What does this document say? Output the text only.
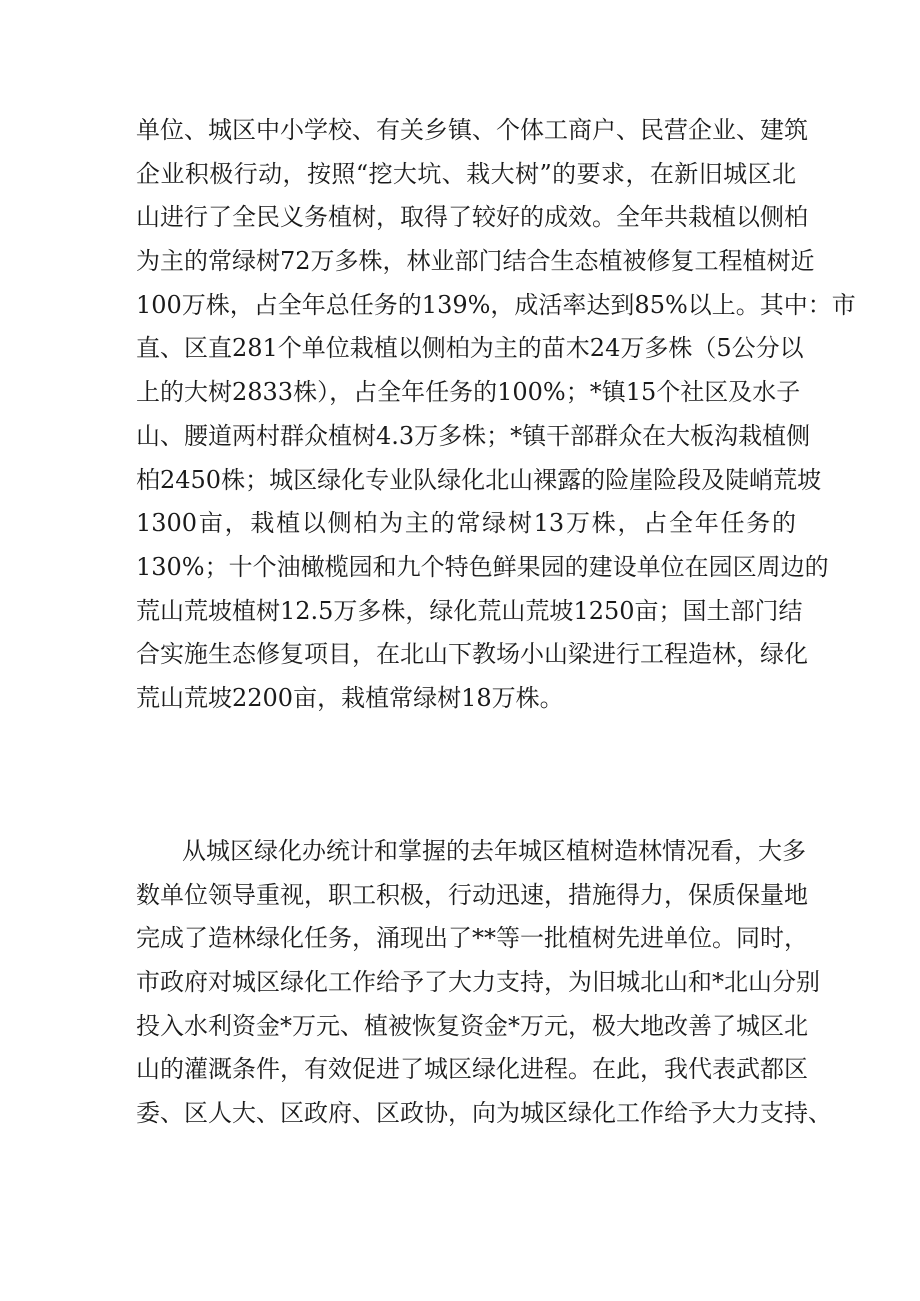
单位、城区中小学校、有关乡镇、个体工商户、民营企业、建筑
企业积极行动，按照“挖大坑、栽大树”的要求，在新旧城区北
山进行了全民义务植树，取得了较好的成效。全年共栽植以侧柏
为主的常绿树72万多株，林业部门结合生态植被修复工程植树近
100万株，占全年总任务的139%，成活率达到85%以上。其中：市
直、区直281个单位栽植以侧柏为主的苗木24万多株（5公分以
上的大树2833株），占全年任务的100%；*镇15个社区及水子
山、腰道两村群众植树4.3万多株；*镇干部群众在大板沟栽植侧
柏2450株；城区绿化专业队绿化北山裸露的险崖险段及陡峭荒坡
1300亩，栽植以侧柏为主的常绿树13万株，占全年任务的
130%；十个油橄榄园和九个特色鲜果园的建设单位在园区周边的
荒山荒坡植树12.5万多株，绿化荒山荒坡1250亩；国土部门结
合实施生态修复项目，在北山下教场小山梁进行工程造林，绿化
荒山荒坡2200亩，栽植常绿树18万株。
从城区绿化办统计和掌握的去年城区植树造林情况看，大多
数单位领导重视，职工积极，行动迅速，措施得力，保质保量地
完成了造林绿化任务，涌现出了**等一批植树先进单位。同时，
市政府对城区绿化工作给予了大力支持，为旧城北山和*北山分别
投入水利资金*万元、植被恢复资金*万元，极大地改善了城区北
山的灌溉条件，有效促进了城区绿化进程。在此，我代表武都区
委、区人大、区政府、区政协，向为城区绿化工作给予大力支持、
